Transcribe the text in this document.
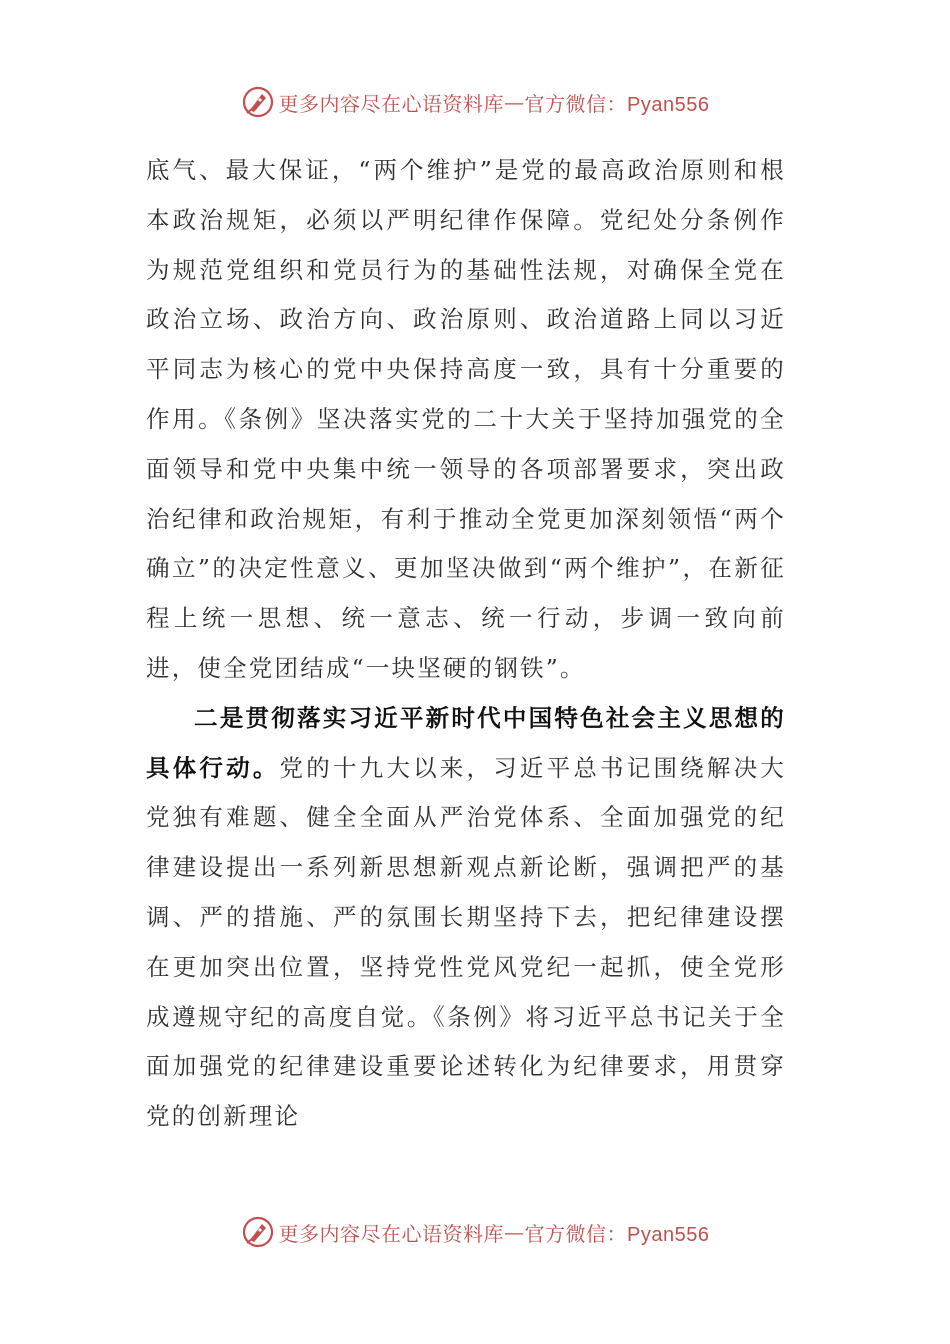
更多内容尽在心语资料库 — 官方微信：Pyan556

底气、最大保证，“两个维护”是党的最高政治原则和根本政治规矩，必须以严明纪律作保障。党纪处分条例作为规范党组织和党员行为的基础性法规，对确保全党在政治立场、政治方向、政治原则、政治道路上同以习近平同志为核心的党中央保持高度一致，具有十分重要的作用。《条例》坚决落实党的二十大关于坚持加强党的全面领导和党中央集中统一领导的各项部署要求，突出政治纪律和政治规矩，有利于推动全党更加深刻领悟“两个确立”的决定性意义、更加坚决做到“两个维护”，在新征程上统一思想、统一意志、统一行动，步调一致向前进，使全党团结成“一块坚硬的钢铁”。

二是贯彻落实习近平新时代中国特色社会主义思想的具体行动。党的十九大以来，习近平总书记围绕解决大党独有难题、健全全面从严治党体系、全面加强党的纪律建设提出一系列新思想新观点新论断，强调把严的基调、严的措施、严的氛围长期坚持下去，把纪律建设摆在更加突出位置，坚持党性党风党纪一起抓，使全党形成遵规守纪的高度自觉。《条例》将习近平总书记关于全面加强党的纪律建设重要论述转化为纪律要求，用贯穿党的创新理论

更多内容尽在心语资料库 — 官方微信：Pyan556
